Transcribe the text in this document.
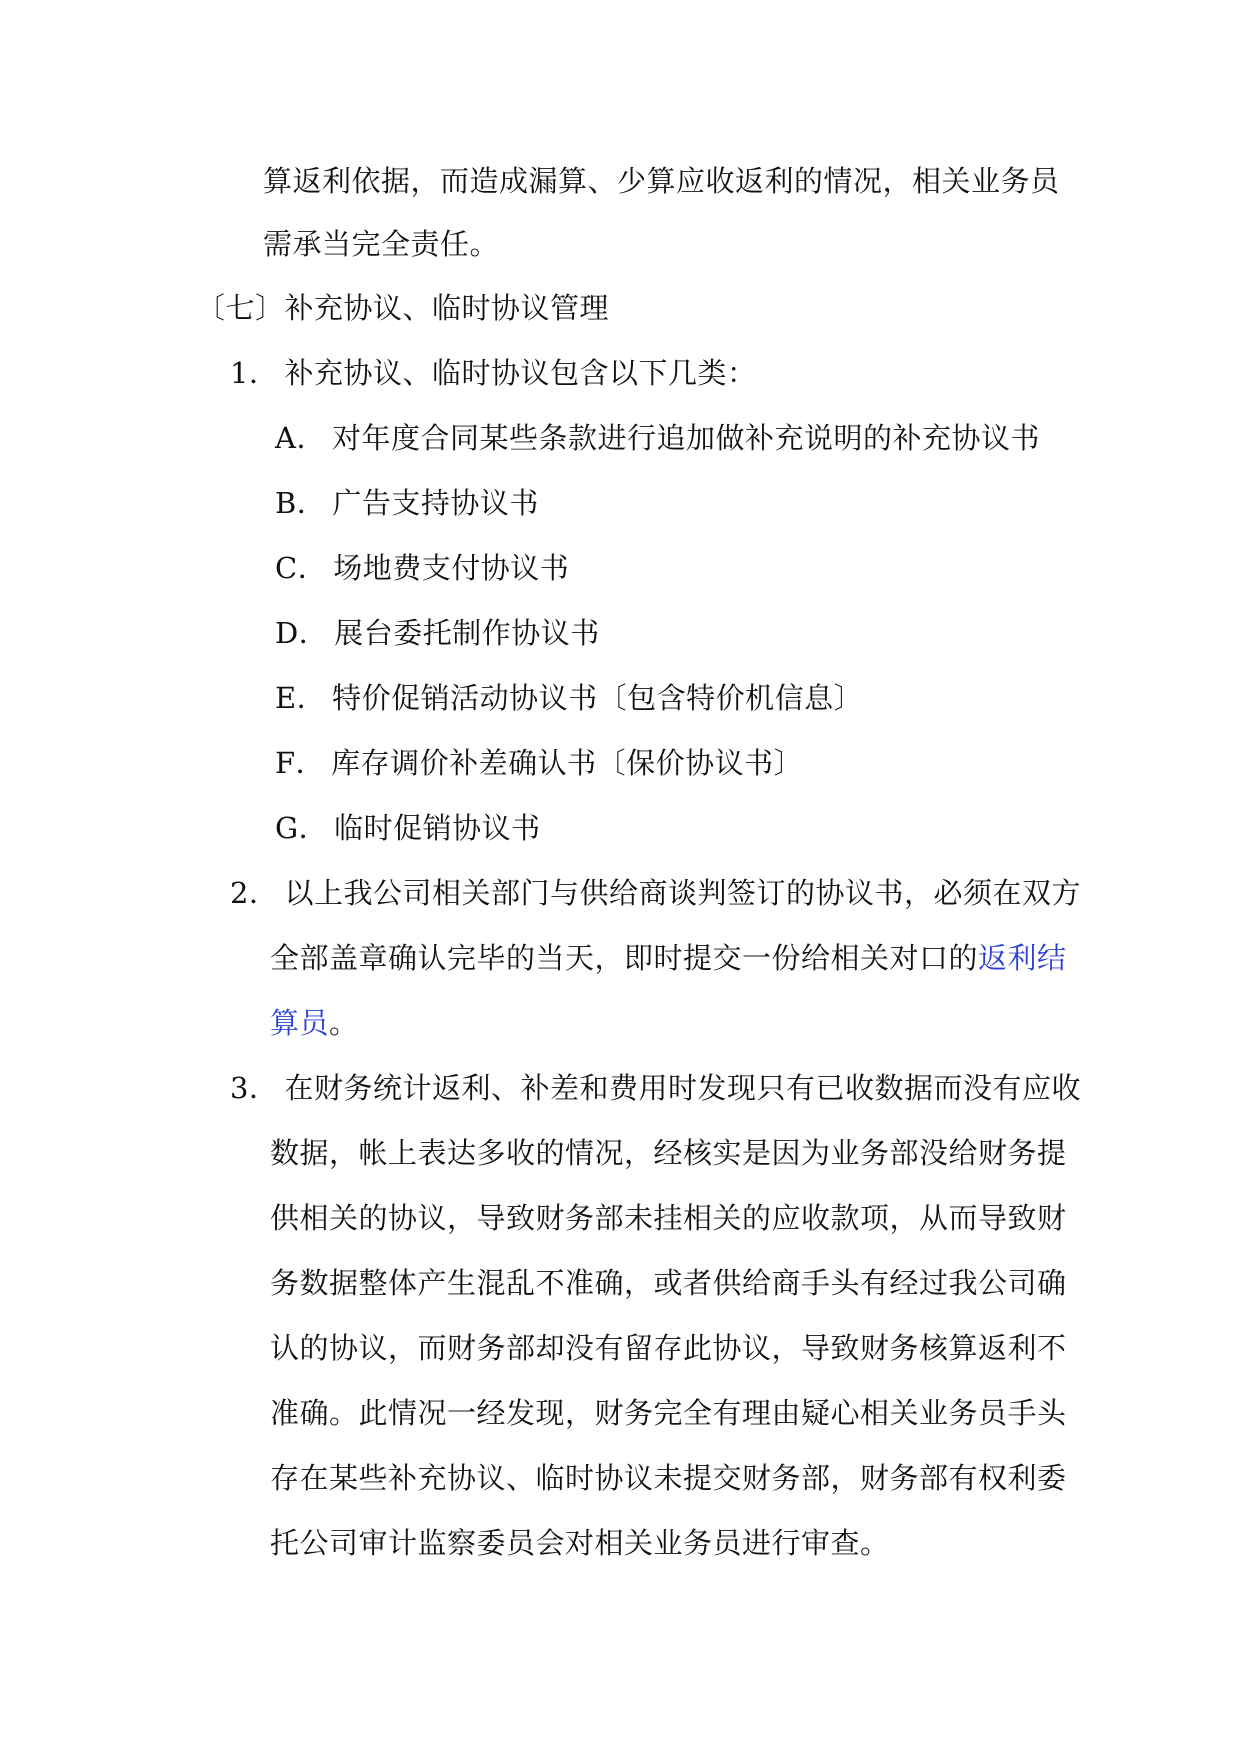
算返利依据，而造成漏算、少算应收返利的情况，相关业务员
需承当完全责任。
〔七〕补充协议、临时协议管理
1． 补充协议、临时协议包含以下几类：
A． 对年度合同某些条款进行追加做补充说明的补充协议书
B． 广告支持协议书
C． 场地费支付协议书
D． 展台委托制作协议书
E． 特价促销活动协议书〔包含特价机信息〕
F． 库存调价补差确认书〔保价协议书〕
G． 临时促销协议书
2． 以上我公司相关部门与供给商谈判签订的协议书，必须在双方
全部盖章确认完毕的当天，即时提交一份给相关对口的返利结
算员。
3． 在财务统计返利、补差和费用时发现只有已收数据而没有应收
数据，帐上表达多收的情况，经核实是因为业务部没给财务提
供相关的协议，导致财务部未挂相关的应收款项，从而导致财
务数据整体产生混乱不准确，或者供给商手头有经过我公司确
认的协议，而财务部却没有留存此协议，导致财务核算返利不
准确。此情况一经发现，财务完全有理由疑心相关业务员手头
存在某些补充协议、临时协议未提交财务部，财务部有权利委
托公司审计监察委员会对相关业务员进行审查。
